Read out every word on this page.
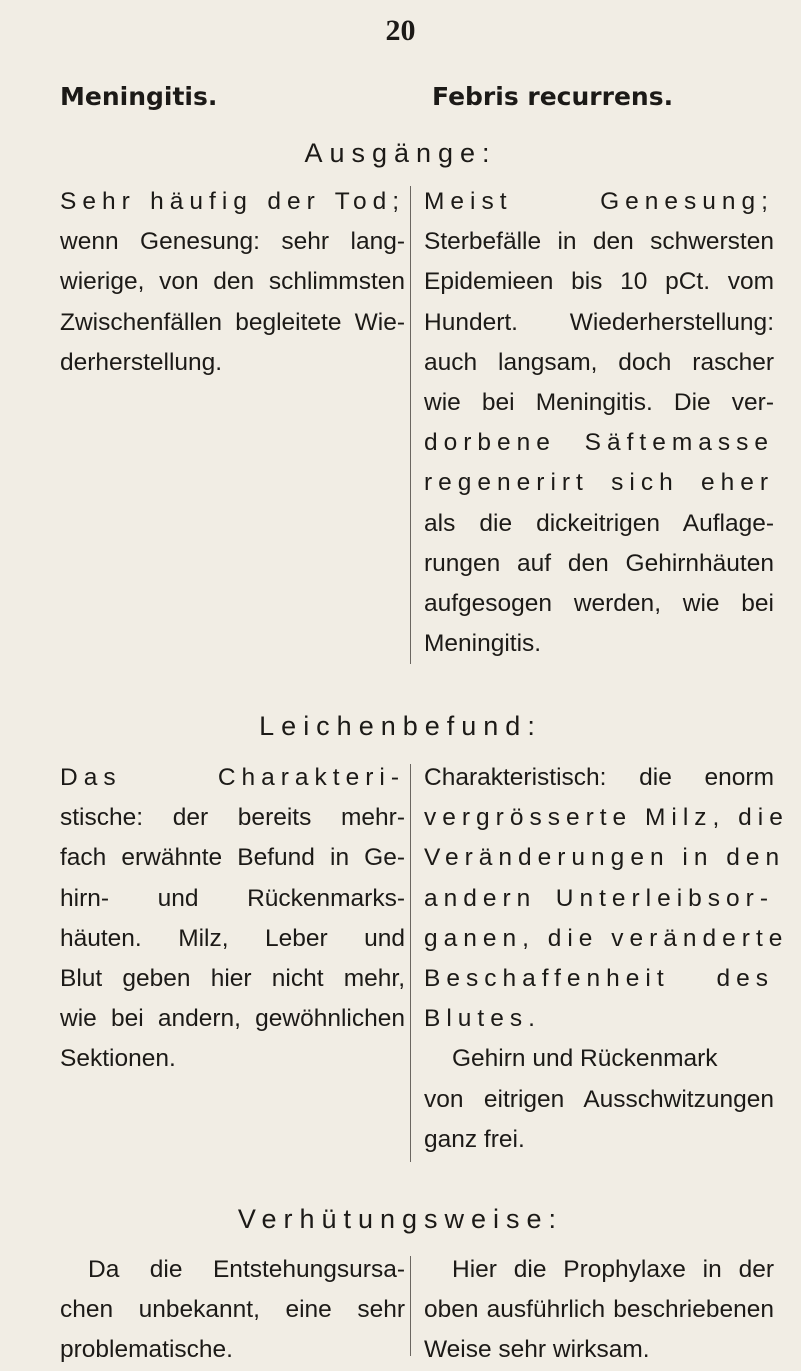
20
Meningitis.	Febris recurrens.
Ausgänge:
Sehr häufig der Tod;
wenn Genesung: sehr lang-
wierige, von den schlimmsten
Zwischenfällen begleitete Wie-
derherstellung.
Meist Genesung;
Sterbefälle in den schwersten
Epidemieen bis 10 pCt. vom
Hundert. Wiederherstellung:
auch langsam, doch rascher
wie bei Meningitis. Die ver-
dorbene Säftemasse
regenerirt sich eher
als die dickeitrigen Auflage-
rungen auf den Gehirnhäuten
aufgesogen werden, wie bei
Meningitis.
Leichenbefund:
Das Charakteri-
stische: der bereits mehr-
fach erwähnte Befund in Ge-
hirn- und Rückenmarks-
häuten. Milz, Leber und
Blut geben hier nicht mehr,
wie bei andern, gewöhnlichen
Sektionen.
Charakteristisch: die enorm
vergrösserte Milz, die
Veränderungen in den
andern Unterleibsor-
ganen, die veränderte
Beschaffenheit des
Blutes.
Gehirn und Rückenmark
von eitrigen Ausschwitzungen
ganz frei.
Verhütungsweise:
Da die Entstehungsursa-
chen unbekannt, eine sehr
problematische.
Hier die Prophylaxe in der
oben ausführlich beschriebenen
Weise sehr wirksam.
